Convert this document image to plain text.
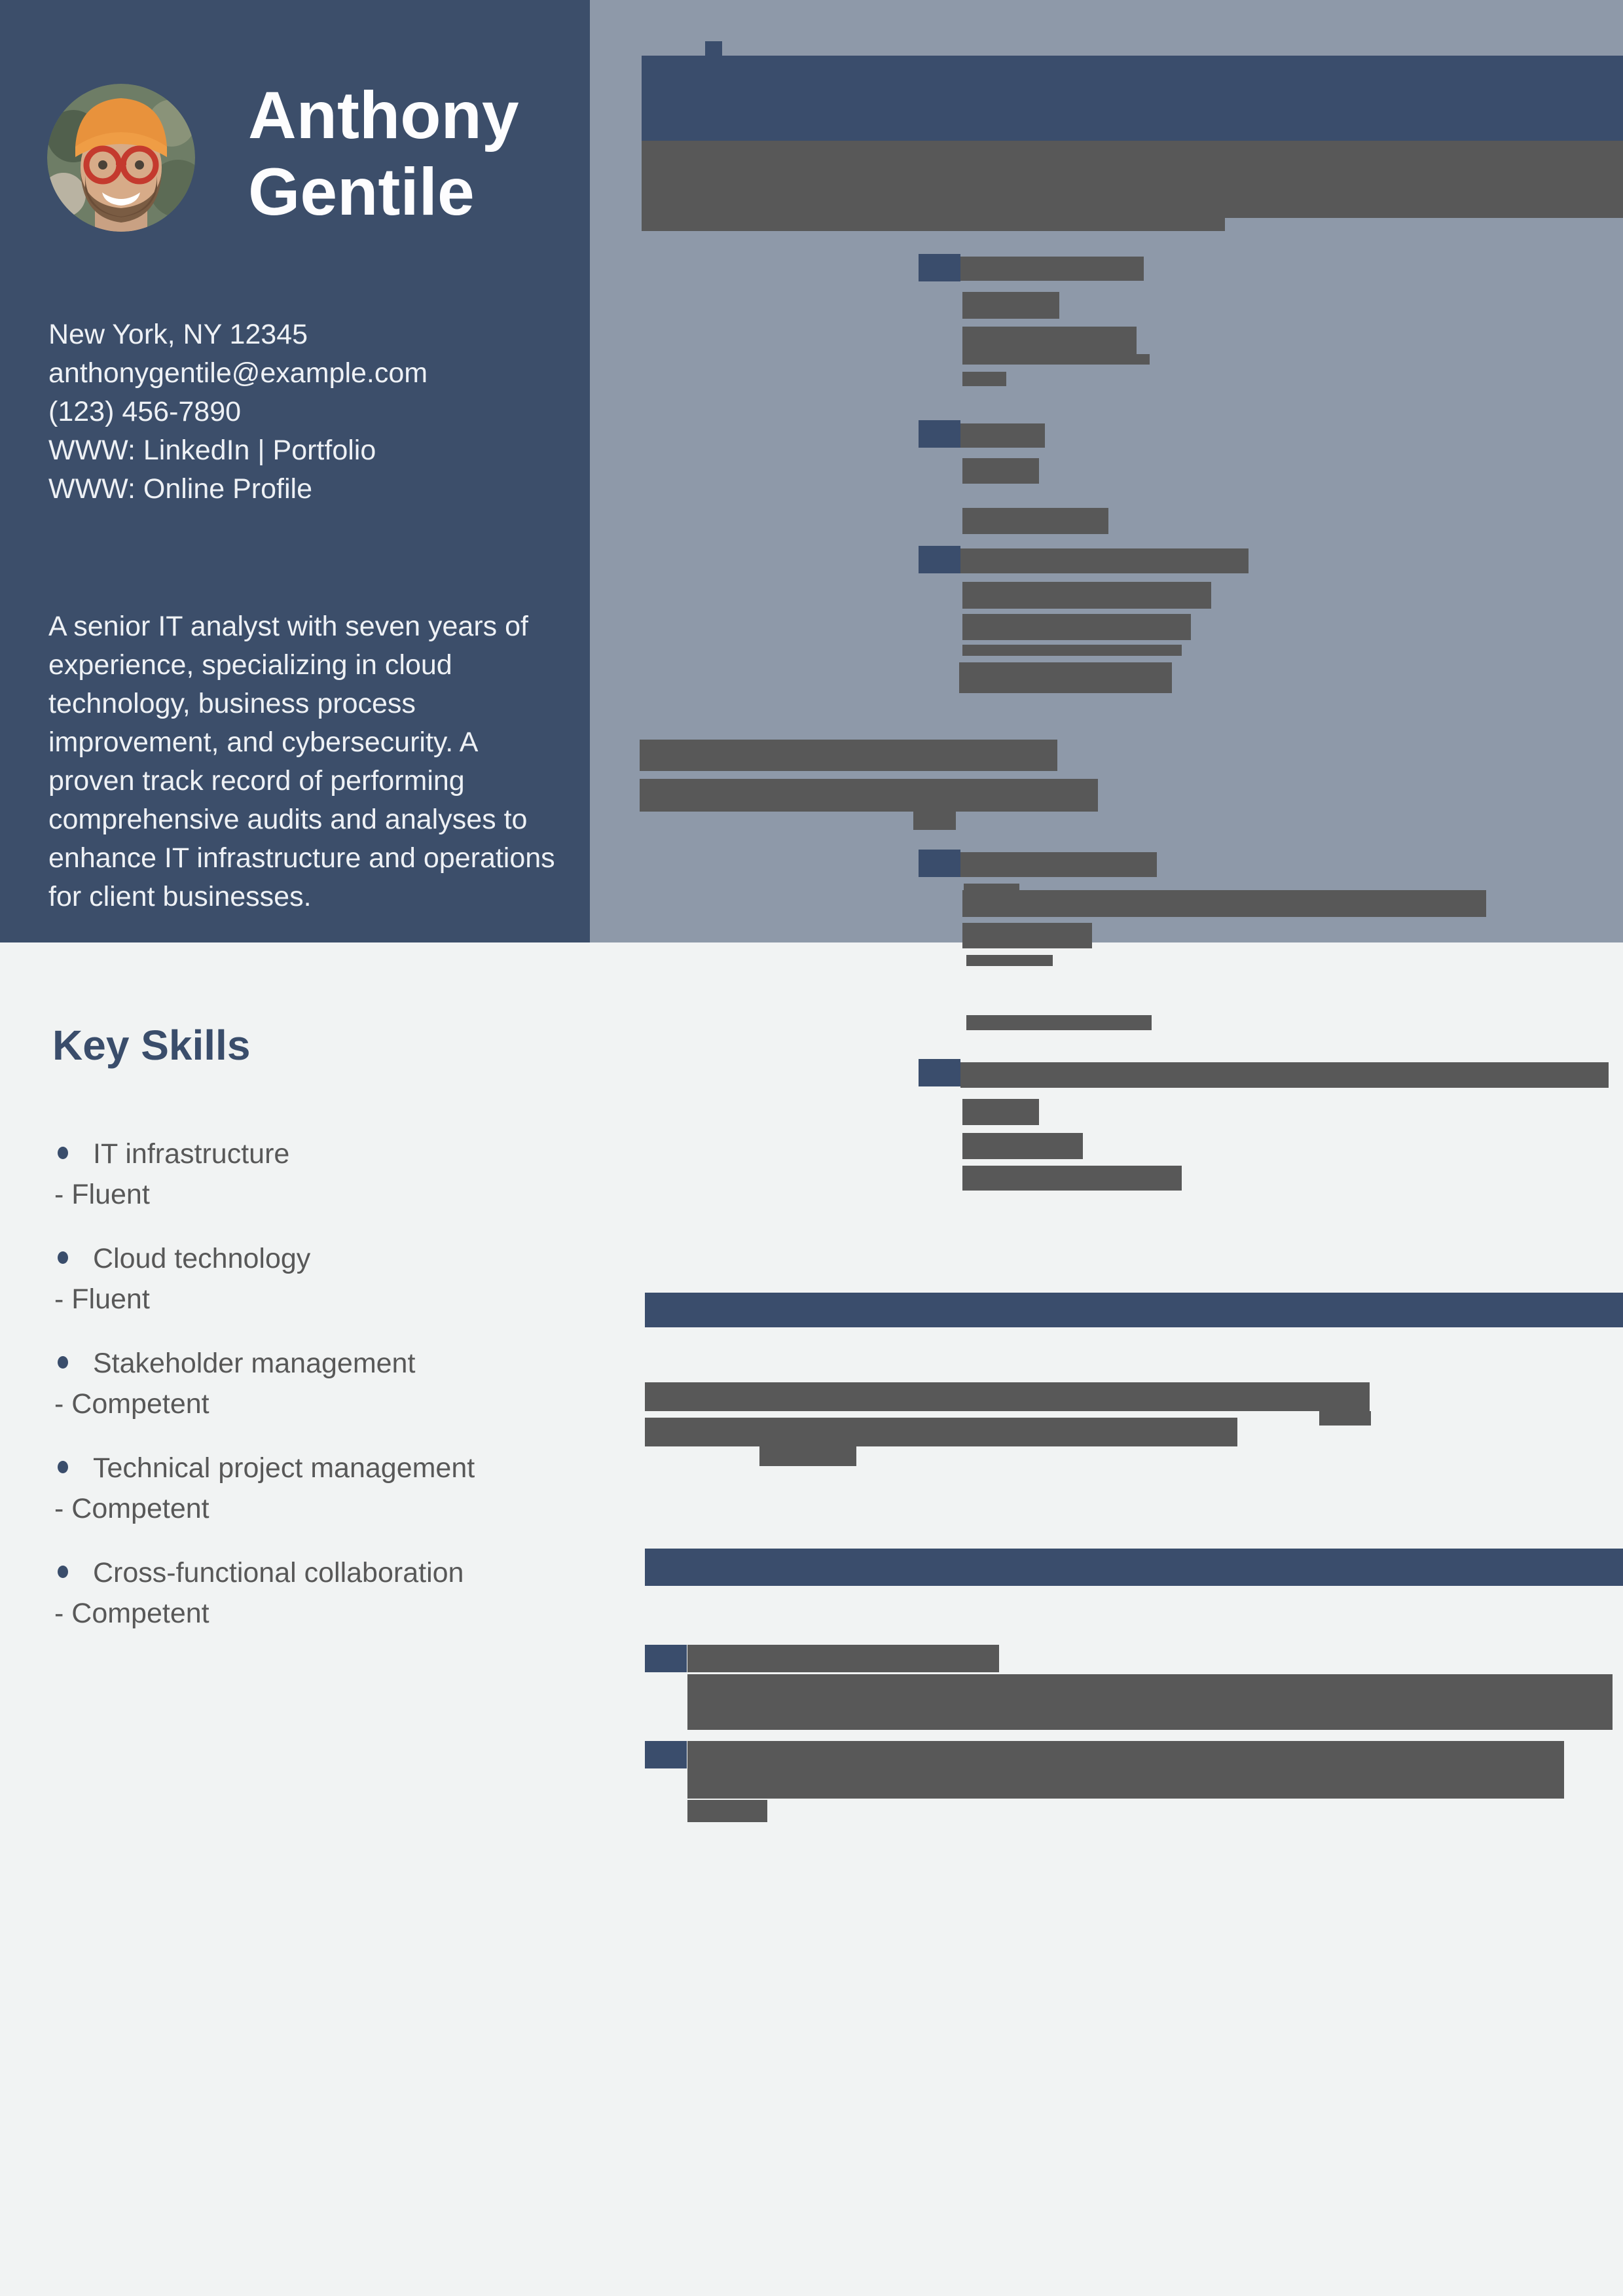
Anthony
Gentile
New York, NY 12345
anthonygentile@example.com
(123) 456-7890
WWW: LinkedIn | Portfolio
WWW: Online Profile
A senior IT analyst with seven years of experience, specializing in cloud technology, business process improvement, and cybersecurity. A proven track record of performing comprehensive audits and analyses to enhance IT infrastructure and operations for client businesses.
Key Skills
IT infrastructure
- Fluent
Cloud technology
- Fluent
Stakeholder management
- Competent
Technical project management
- Competent
Cross-functional collaboration
- Competent
